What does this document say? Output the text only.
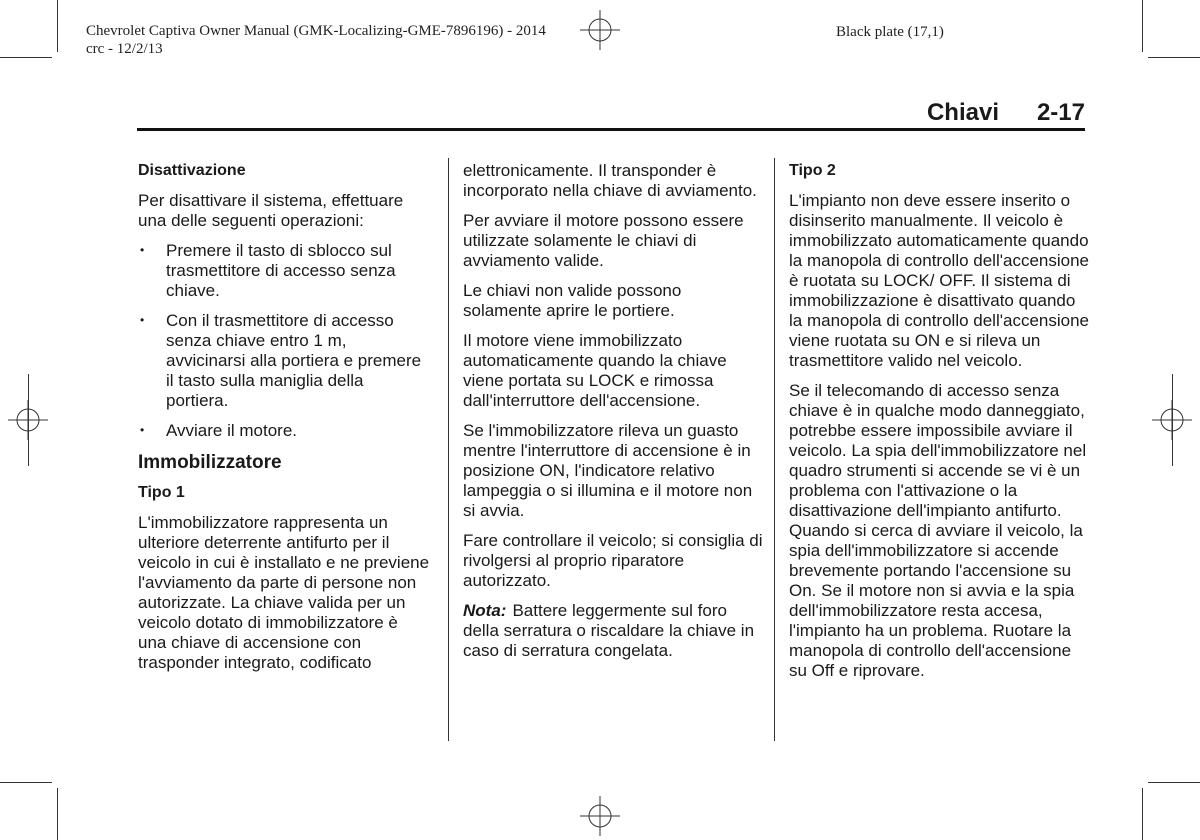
Chevrolet Captiva Owner Manual (GMK-Localizing-GME-7896196) - 2014
crc - 12/2/13
Black plate (17,1)
Chiavi 2-17
Disattivazione

Per disattivare il sistema, effettuare una delle seguenti operazioni:

• Premere il tasto di sblocco sul trasmettitore di accesso senza chiave.
• Con il trasmettitore di accesso senza chiave entro 1 m, avvicinarsi alla portiera e premere il tasto sulla maniglia della portiera.
• Avviare il motore.
Immobilizzatore
Tipo 1

L'immobilizzatore rappresenta un ulteriore deterrente antifurto per il veicolo in cui è installato e ne previene l'avviamento da parte di persone non autorizzate. La chiave valida per un veicolo dotato di immobilizzatore è una chiave di accensione con trasponder integrato, codificato

elettronicamente. Il transponder è incorporato nella chiave di avviamento.

Per avviare il motore possono essere utilizzate solamente le chiavi di avviamento valide.

Le chiavi non valide possono solamente aprire le portiere.

Il motore viene immobilizzato automaticamente quando la chiave viene portata su LOCK e rimossa dall'interruttore dell'accensione.

Se l'immobilizzatore rileva un guasto mentre l'interruttore di accensione è in posizione ON, l'indicatore relativo lampeggia o si illumina e il motore non si avvia.

Fare controllare il veicolo; si consiglia di rivolgersi al proprio riparatore autorizzato.

Nota: Battere leggermente sul foro della serratura o riscaldare la chiave in caso di serratura congelata.

Tipo 2

L'impianto non deve essere inserito o disinserito manualmente. Il veicolo è immobilizzato automaticamente quando la manopola di controllo dell'accensione è ruotata su LOCK/ OFF. Il sistema di immobilizzazione è disattivato quando la manopola di controllo dell'accensione viene ruotata su ON e si rileva un trasmettitore valido nel veicolo.

Se il telecomando di accesso senza chiave è in qualche modo danneggiato, potrebbe essere impossibile avviare il veicolo. La spia dell'immobilizzatore nel quadro strumenti si accende se vi è un problema con l'attivazione o la disattivazione dell'impianto antifurto. Quando si cerca di avviare il veicolo, la spia dell'immobilizzatore si accende brevemente portando l'accensione su On. Se il motore non si avvia e la spia dell'immobilizzatore resta accesa, l'impianto ha un problema. Ruotare la manopola di controllo dell'accensione su Off e riprovare.
